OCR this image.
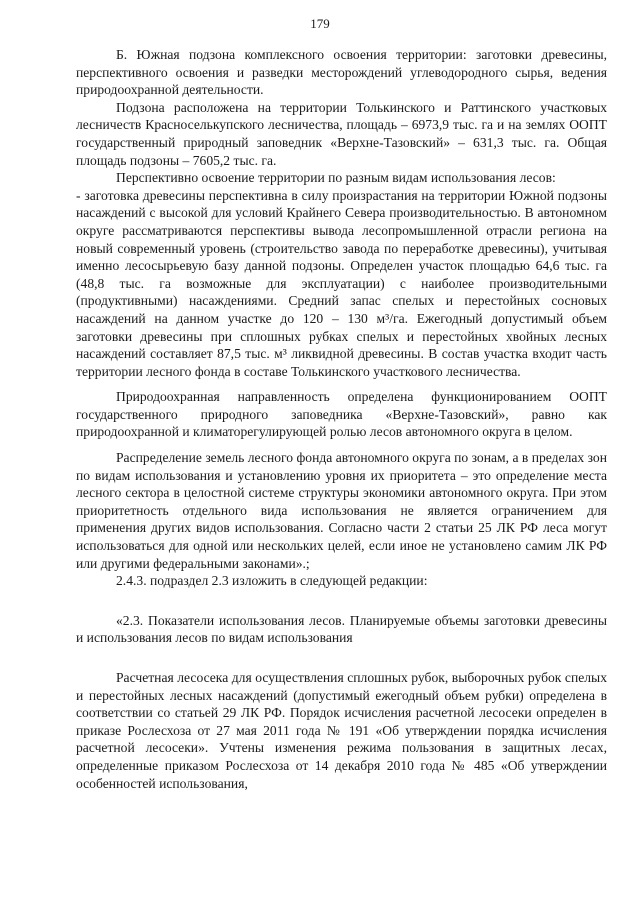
179

Б. Южная подзона комплексного освоения территории: заготовки древесины, перспективного освоения и разведки месторождений углеводородного сырья, ведения природоохранной деятельности.

Подзона расположена на территории Толькинского и Раттинского участковых лесничеств Красноселькупского лесничества, площадь – 6973,9 тыс. га и на землях ООПТ государственный природный заповедник «Верхне-Тазовский» – 631,3 тыс. га. Общая площадь подзоны – 7605,2 тыс. га.

Перспективно освоение территории по разным видам использования лесов:

- заготовка древесины перспективна в силу произрастания на территории Южной подзоны насаждений с высокой для условий Крайнего Севера производительностью. В автономном округе рассматриваются перспективы вывода лесопромышленной отрасли региона на новый современный уровень (строительство завода по переработке древесины), учитывая именно лесосырьевую базу данной подзоны. Определен участок площадью 64,6 тыс. га (48,8 тыс. га возможные для эксплуатации) с наиболее производительными (продуктивными) насаждениями. Средний запас спелых и перестойных сосновых насаждений на данном участке до 120 – 130 м³/га. Ежегодный допустимый объем заготовки древесины при сплошных рубках спелых и перестойных хвойных лесных насаждений составляет 87,5 тыс. м³ ликвидной древесины. В состав участка входит часть территории лесного фонда в составе Толькинского участкового лесничества.

Природоохранная направленность определена функционированием ООПТ государственного природного заповедника «Верхне-Тазовский», равно как природоохранной и климаторегулирующей ролью лесов автономного округа в целом.

Распределение земель лесного фонда автономного округа по зонам, а в пределах зон по видам использования и установлению уровня их приоритета – это определение места лесного сектора в целостной системе структуры экономики автономного округа. При этом приоритетность отдельного вида использования не является ограничением для применения других видов использования. Согласно части 2 статьи 25 ЛК РФ леса могут использоваться для одной или нескольких целей, если иное не установлено самим ЛК РФ или другими федеральными законами».;

2.4.3. подраздел 2.3 изложить в следующей редакции:

«2.3. Показатели использования лесов. Планируемые объемы заготовки древесины и использования лесов по видам использования

Расчетная лесосека для осуществления сплошных рубок, выборочных рубок спелых и перестойных лесных насаждений (допустимый ежегодный объем рубки) определена в соответствии со статьей 29 ЛК РФ. Порядок исчисления расчетной лесосеки определен в приказе Рослесхоза от 27 мая 2011 года № 191 «Об утверждении порядка исчисления расчетной лесосеки». Учтены изменения режима пользования в защитных лесах, определенные приказом Рослесхоза от 14 декабря 2010 года № 485 «Об утверждении особенностей использования,
